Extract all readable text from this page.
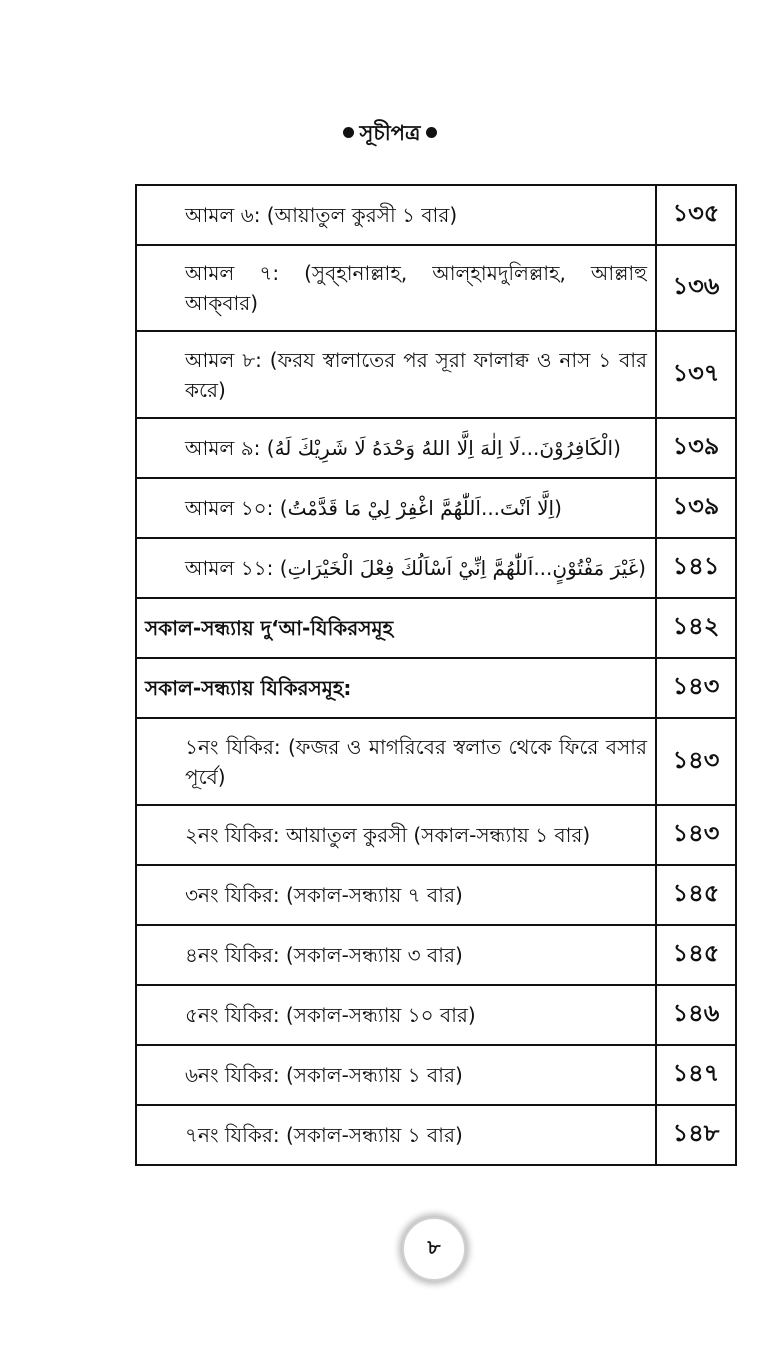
সূচীপত্র
আমল ৬: (আয়াতুল কুরসী ১ বার)	১৩৫
আমল ৭: (সুব্‌হানাল্লাহ, আল্‌হামদুলিল্লাহ, আল্লাহু আক্‌বার)	১৩৬
আমল ৮: (ফরয স্বালাতের পর সূরা ফালাক্ব ও নাস ১ বার করে)	১৩৭
আমল ৯: (الْكَافِرُوْنَ...لَا اِلٰهَ اِلَّا اللهُ وَحْدَهُ لَا شَرِيْكَ لَهُ)	১৩৯
আমল ১০: (اِلَّا اَنْتَ...اَللّٰهُمَّ اغْفِرْ لِيْ مَا قَدَّمْتُ)	১৩৯
আমল ১১: (غَيْرَ مَفْتُوْنٍ...اَللّٰهُمَّ اِنِّيْ اَسْاَلُكَ فِعْلَ الْخَيْرَاتِ)	১৪১
সকাল-সন্ধ্যায় দু‘আ-যিকিরসমূহ	১৪২
সকাল-সন্ধ্যায় যিকিরসমূহ:	১৪৩
১নং যিকির: (ফজর ও মাগরিবের স্বলাত থেকে ফিরে বসার পূর্বে)	১৪৩
২নং যিকির: আয়াতুল কুরসী (সকাল-সন্ধ্যায় ১ বার)	১৪৩
৩নং যিকির: (সকাল-সন্ধ্যায় ৭ বার)	১৪৫
৪নং যিকির: (সকাল-সন্ধ্যায় ৩ বার)	১৪৫
৫নং যিকির: (সকাল-সন্ধ্যায় ১০ বার)	১৪৬
৬নং যিকির: (সকাল-সন্ধ্যায় ১ বার)	১৪৭
৭নং যিকির: (সকাল-সন্ধ্যায় ১ বার)	১৪৮
৮
